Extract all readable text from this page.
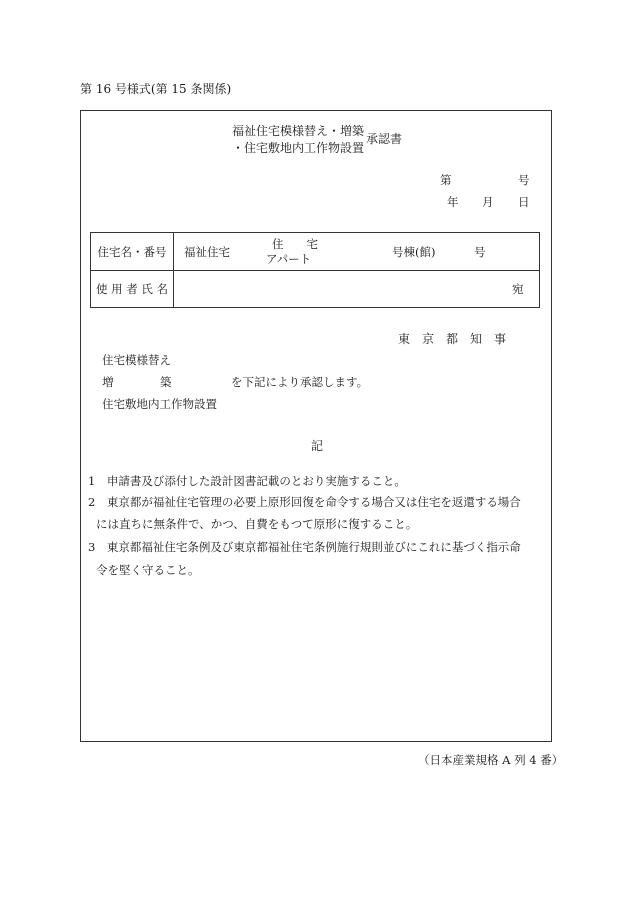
第 16 号様式(第 15 条関係)
福祉住宅模様替え・増築
・住宅敷地内工作物設置
承認書
第	号
年 月 日
住宅名・番号	福祉住宅
住　　宅
アパート 号棟(館) 号

使 用 者 氏 名	宛
東　京　都　知　事
住宅模様替え
増	築	を下記により承認します。
住宅敷地内工作物設置
記
1　申請書及び添付した設計図書記載のとおり実施すること。
2　東京都が福祉住宅管理の必要上原形回復を命令する場合又は住宅を返還する場合
には直ちに無条件で、かつ、自費をもつて原形に復すること。
3　東京都福祉住宅条例及び東京都福祉住宅条例施行規則並びにこれに基づく指示命
令を堅く守ること。
（日本産業規格 A 列 4 番）
